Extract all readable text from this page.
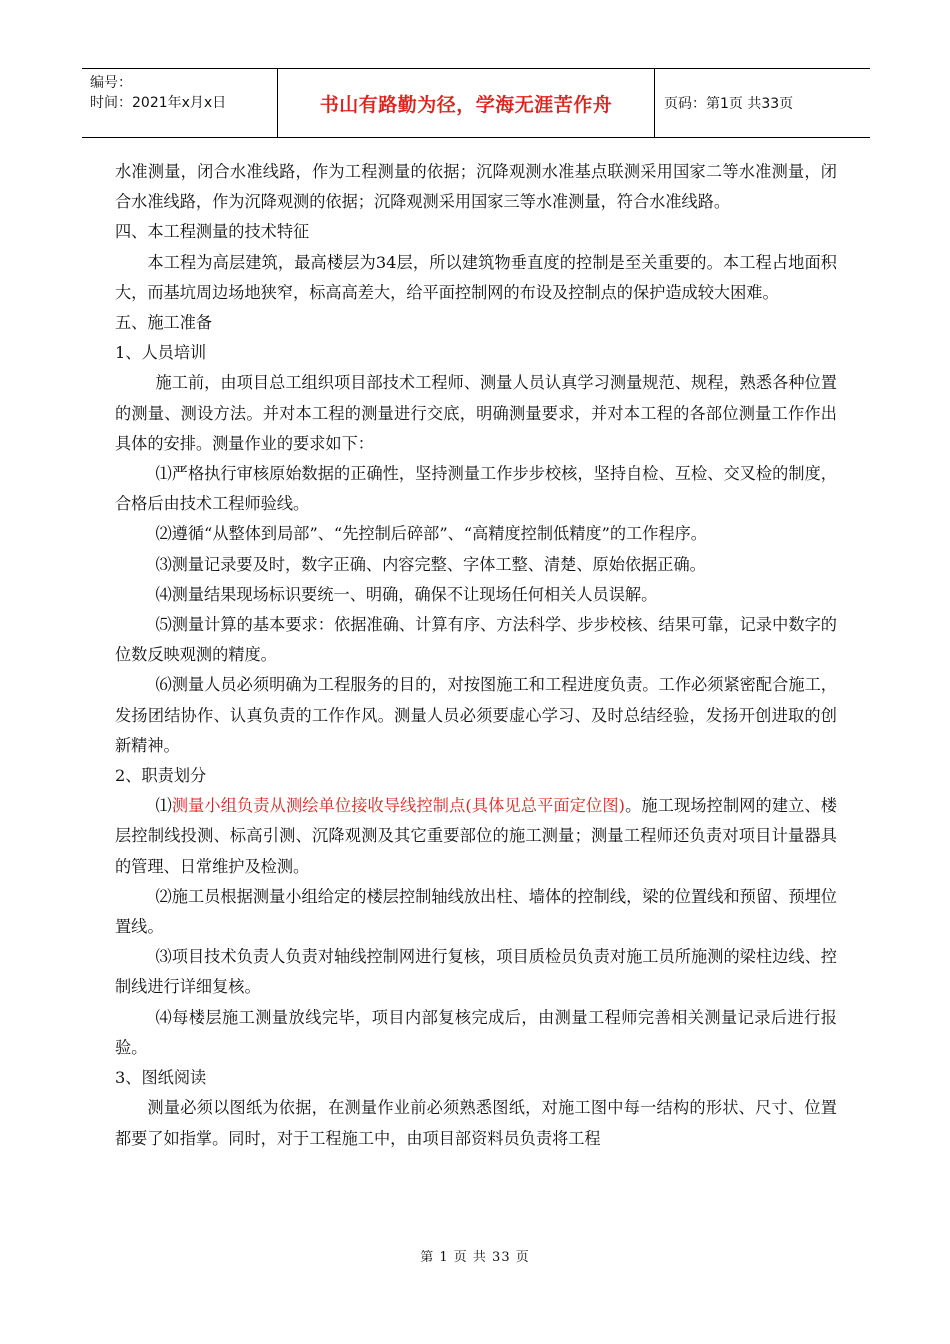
编号：
时间：2021年x月x日	书山有路勤为径，学海无涯苦作舟	页码：第1页 共33页

水准测量，闭合水准线路，作为工程测量的依据；沉降观测水准基点联测采用国家二等水准测量，闭合水准线路，作为沉降观测的依据；沉降观测采用国家三等水准测量，符合水准线路。

四、本工程测量的技术特征

本工程为高层建筑，最高楼层为34层，所以建筑物垂直度的控制是至关重要的。本工程占地面积大，而基坑周边场地狭窄，标高高差大，给平面控制网的布设及控制点的保护造成较大困难。

五、施工准备

1、人员培训

施工前，由项目总工组织项目部技术工程师、测量人员认真学习测量规范、规程，熟悉各种位置的测量、测设方法。并对本工程的测量进行交底，明确测量要求，并对本工程的各部位测量工作作出具体的安排。测量作业的要求如下：

⑴严格执行审核原始数据的正确性，坚持测量工作步步校核，坚持自检、互检、交叉检的制度，合格后由技术工程师验线。

⑵遵循“从整体到局部”、“先控制后碎部”、“高精度控制低精度”的工作程序。

⑶测量记录要及时，数字正确、内容完整、字体工整、清楚、原始依据正确。

⑷测量结果现场标识要统一、明确，确保不让现场任何相关人员误解。

⑸测量计算的基本要求：依据准确、计算有序、方法科学、步步校核、结果可靠，记录中数字的位数反映观测的精度。

⑹测量人员必须明确为工程服务的目的，对按图施工和工程进度负责。工作必须紧密配合施工，发扬团结协作、认真负责的工作作风。测量人员必须要虚心学习、及时总结经验，发扬开创进取的创新精神。

2、职责划分

⑴测量小组负责从测绘单位接收导线控制点(具体见总平面定位图)。施工现场控制网的建立、楼层控制线投测、标高引测、沉降观测及其它重要部位的施工测量；测量工程师还负责对项目计量器具的管理、日常维护及检测。

⑵施工员根据测量小组给定的楼层控制轴线放出柱、墙体的控制线，梁的位置线和预留、预埋位置线。

⑶项目技术负责人负责对轴线控制网进行复核，项目质检员负责对施工员所施测的梁柱边线、控制线进行详细复核。

⑷每楼层施工测量放线完毕，项目内部复核完成后，由测量工程师完善相关测量记录后进行报验。

3、图纸阅读

测量必须以图纸为依据，在测量作业前必须熟悉图纸，对施工图中每一结构的形状、尺寸、位置都要了如指掌。同时，对于工程施工中，由项目部资料员负责将工程

第 1 页 共 33 页
